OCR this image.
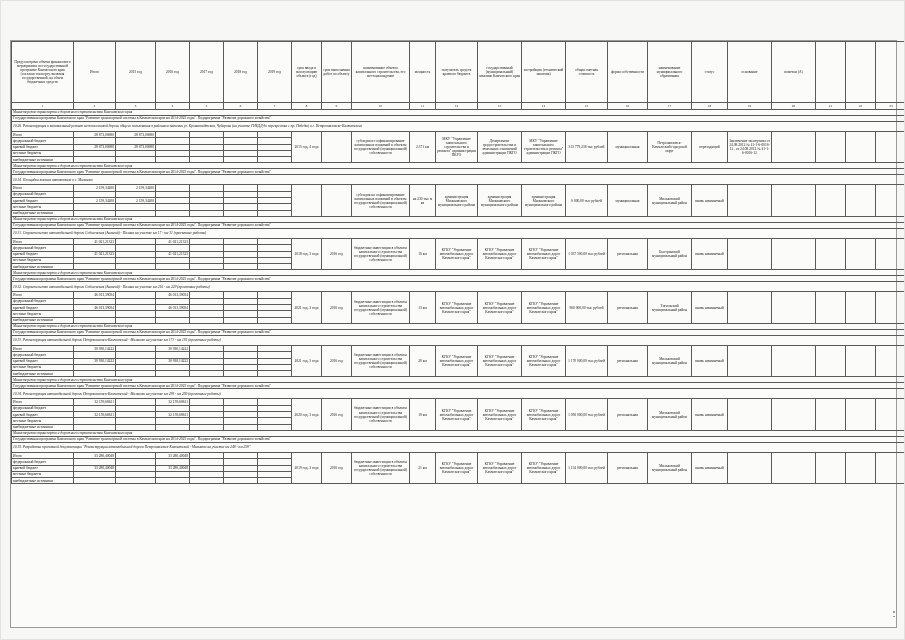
Предусмотрено объема финансового мероприятия по государственной программе Камчатского края (согласно паспорту, включая государственной, на объем бюджетных средств	Итого	2015 год	2016 год	2017 год	2018 год	2019 год	срок ввода в эксплуатацию объекта (год)	срок выполнения работ по объекту	наименование объекта капитального строительства, его местонахождение	мощность	получатель средств краевого бюджета	государственный (муниципальный) заказчик Камчатского края	застройщик (технический заказчик)	общая сметная стоимость	форма собственности	наименование муниципального образования	статус	основание	пометки (А)			
1	2	3	4	5	6	7	8	9	10	11	12	13	14	15	16	17	18	19	20	21	22	23
Министерство транспорта и дорожного строительства Камчатского края																						
Государственная программа Камчатского края "Развитие транспортной системы в Камчатском крае на 2014-2025 годы". Подпрограмма "Развитие дорожного хозяйства"																						
10.26. Реконструкция и капитальный ремонт межпоселковой дороги общего пользования в районном значении ул. Кронштадтская, Чубарова (на участке ГИБДД до перекрестка с пр. Победы) в г. Петропавловске-Камчатском																						
Итого	28 673,00690	28 673,00690					2015 год, 4 года		субсидия из софинансирование капитальных вложений в объекты государственной (муниципальной) собственности	2,371 км	МКУ "Управление капитального строительства и ремонта" администрации ПКГО	Департамент градостроительства и земельных отношений администрации ПКГО	МКУ "Управление капитального строительства и ремонта" администрации ПКГО	313 779,238 тыс рублей	муниципальная	Петропавловск-Камчатский городской округ	переходящий	Заключение экспертизы от 24.08.2012 № 41-1-6-0016-12 , от 24.08.2012 № 41-1-6-0016-12				
федеральный бюджет																						
краевой бюджет	28 673,00690	28 673,00690																				
местные бюджеты																						
внебюджетные источники																						
Министерство транспорта и дорожного строительства Камчатского края																						
Государственная программа Камчатского края "Развитие транспортной системы в Камчатском крае на 2014-2025 годы". Подпрограмма "Развитие дорожного хозяйства"																						
10.34. Площадка вокзала автовокзала в с. Мильково																						
Итого	2 159,34200	2 159,34200							субсидия на софинансирование капитальных вложений в объекты государственной (муниципальной) собственности	на 230 тыс м кв	администрация Мильковского муниципального района	администрация Мильковского муниципального района	администрация Мильковского муниципального района	6 000,00 тыс рублей	муниципальная	Мильковский муниципальный район	вновь начинаемый					
федеральный бюджет																						
краевой бюджет	2 159,34200	2 159,34200																				
местные бюджеты																						
внебюджетные источники																						
Министерство транспорта и дорожного строительства Камчатского края																						
Государственная программа Камчатского края "Развитие транспортной системы в Камчатском крае на 2014-2025 годы". Подпрограмма "Развитие дорожного хозяйства"																						
10.31. Строительство автомобильной дороги Соболевская (Анавгай) - Палана на участке км 17 - км 31 (проектные работы)																						
Итого	41 021,21323		41 021,21323				2018 год, 3 года	2016 год	бюджетные инвестиции в объекты капитального строительства государственной (муниципальной) собственности	16 км	КГКУ "Управление автомобильных дорог Камчатского края"	КГКУ "Управление автомобильных дорог Камчатского края"	КГКУ "Управление автомобильных дорог Камчатского края"	1 037 500,00 тыс рублей	региональная	Быстринский муниципальный район	вновь начинаемый					
федеральный бюджет																						
краевой бюджет	41 021,21323		41 021,21323																			
местные бюджеты																						
внебюджетные источники																						
Министерство транспорта и дорожного строительства Камчатского края																						
Государственная программа Камчатского края "Развитие транспортной системы в Камчатском крае на 2014-2025 годы". Подпрограмма "Развитие дорожного хозяйства"																						
10.32. Строительство автомобильной дороги Соболевская (Анавгай) - Палана на участке км 216 - км 229 (проектные работы)																						
Итого	46 013,39054		46 013,39054				2021 год, 3 года	2016 год	бюджетные инвестиции в объекты капитального строительства государственной (муниципальной) собственности	13 км	КГКУ "Управление автомобильных дорог Камчатского края"	КГКУ "Управление автомобильных дорог Камчатского края"	КГКУ "Управление автомобильных дорог Камчатского края"	960 000,00 тыс рублей	региональная	Тигильский муниципальный район	вновь начинаемый					
федеральный бюджет																						
краевой бюджет	46 013,39054		46 013,39054																			
местные бюджеты																						
внебюджетные источники																						
Министерство транспорта и дорожного строительства Камчатского края																						
Государственная программа Камчатского края "Развитие транспортной системы в Камчатском крае на 2014-2025 годы". Подпрограмма "Развитие дорожного хозяйства"																						
10.33. Реконструкция автомобильной дороги Петропавловск-Камчатский - Мильково на участке км 171 - км 191 (проектные работы)																						
Итого	30 930,14222		30 930,14222				2021 год, 3 года	2016 год	бюджетные инвестиции в объекты капитального строительства государственной (муниципальной) собственности	20 км	КГКУ "Управление автомобильных дорог Камчатского края"	КГКУ "Управление автомобильных дорог Камчатского края"	КГКУ "Управление автомобильных дорог Камчатского края"	1 170 000,00 тыс рублей	региональная	Мильковский муниципальный район	вновь начинаемый					
федеральный бюджет																						
краевой бюджет	30 930,14222		30 930,14222																			
местные бюджеты																						
внебюджетные источники																						
Министерство транспорта и дорожного строительства Камчатского края																						
Государственная программа Камчатского края "Развитие транспортной системы в Камчатском крае на 2014-2025 годы". Подпрограмма "Развитие дорожного хозяйства"																						
10.34. Реконструкция автомобильной дороги Петропавловск-Камчатский - Мильково на участке км 239 - км 259 (проектные работы)																						
Итого	32 159,68611		32 159,68611				2020 год, 3 года	2016 год	бюджетные инвестиции в объекты капитального строительства государственной (муниципальной) собственности	19 км	КГКУ "Управление автомобильных дорог Камчатского края"	КГКУ "Управление автомобильных дорог Камчатского края"	КГКУ "Управление автомобильных дорог Камчатского края"	1 050 000,00 тыс рублей	региональная	Мильковский муниципальный район	вновь начинаемый					
федеральный бюджет																						
краевой бюджет	32 159,68611		32 159,68611																			
местные бюджеты																						
внебюджетные источники																						
Министерство транспорта и дорожного строительства Камчатского края																						
Государственная программа Камчатского края "Развитие транспортной системы в Камчатском крае на 2014-2025 годы". Подпрограмма "Развитие дорожного хозяйства"																						
10.35. Разработка проектной документации "Реконструкция автомобильной дороги Петропавловск-Камчатский - Мильково на участке км 248 - км 259"																						
Итого	33 280,40048		33 280,40048				2019 год, 3 года	2016 год	бюджетные инвестиции в объекты капитального строительства государственной (муниципальной) собственности	21 км	КГКУ "Управление автомобильных дорог Камчатского края"	КГКУ "Управление автомобильных дорог Камчатского края"	КГКУ "Управление автомобильных дорог Камчатского края"	1 134 000,00 тыс рублей	региональная	Мильковский муниципальный район	вновь начинаемый					
федеральный бюджет																						
краевой бюджет	33 280,40048		33 280,40048																			
местные бюджеты																						
внебюджетные источники																						
